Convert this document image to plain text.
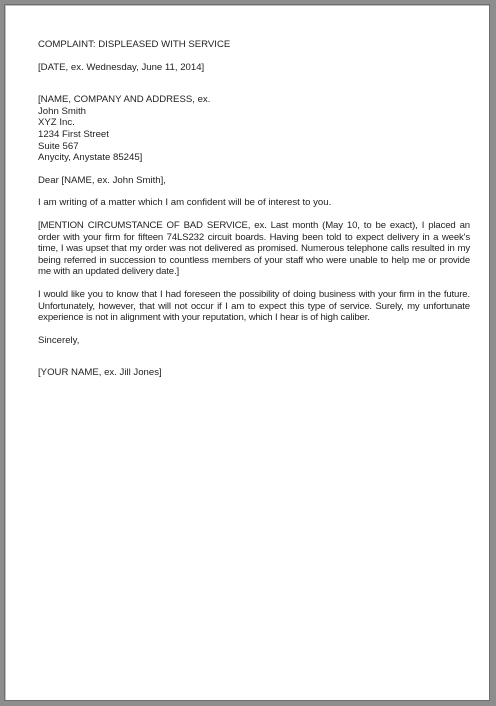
COMPLAINT: DISPLEASED WITH SERVICE

[DATE, ex. Wednesday, June 11, 2014]

[NAME, COMPANY AND ADDRESS, ex.
John Smith
XYZ Inc.
1234 First Street
Suite 567
Anycity, Anystate 85245]

Dear [NAME, ex. John Smith],

I am writing of a matter which I am confident will be of interest to you.

[MENTION CIRCUMSTANCE OF BAD SERVICE, ex. Last month (May 10, to be exact), I placed an order with your firm for fifteen 74LS232 circuit boards. Having been told to expect delivery in a week's time, I was upset that my order was not delivered as promised. Numerous telephone calls resulted in my being referred in succession to countless members of your staff who were unable to help me or provide me with an updated delivery date.]

I would like you to know that I had foreseen the possibility of doing business with your firm in the future. Unfortunately, however, that will not occur if I am to expect this type of service. Surely, my unfortunate experience is not in alignment with your reputation, which I hear is of high caliber.

Sincerely,

[YOUR NAME, ex. Jill Jones]
